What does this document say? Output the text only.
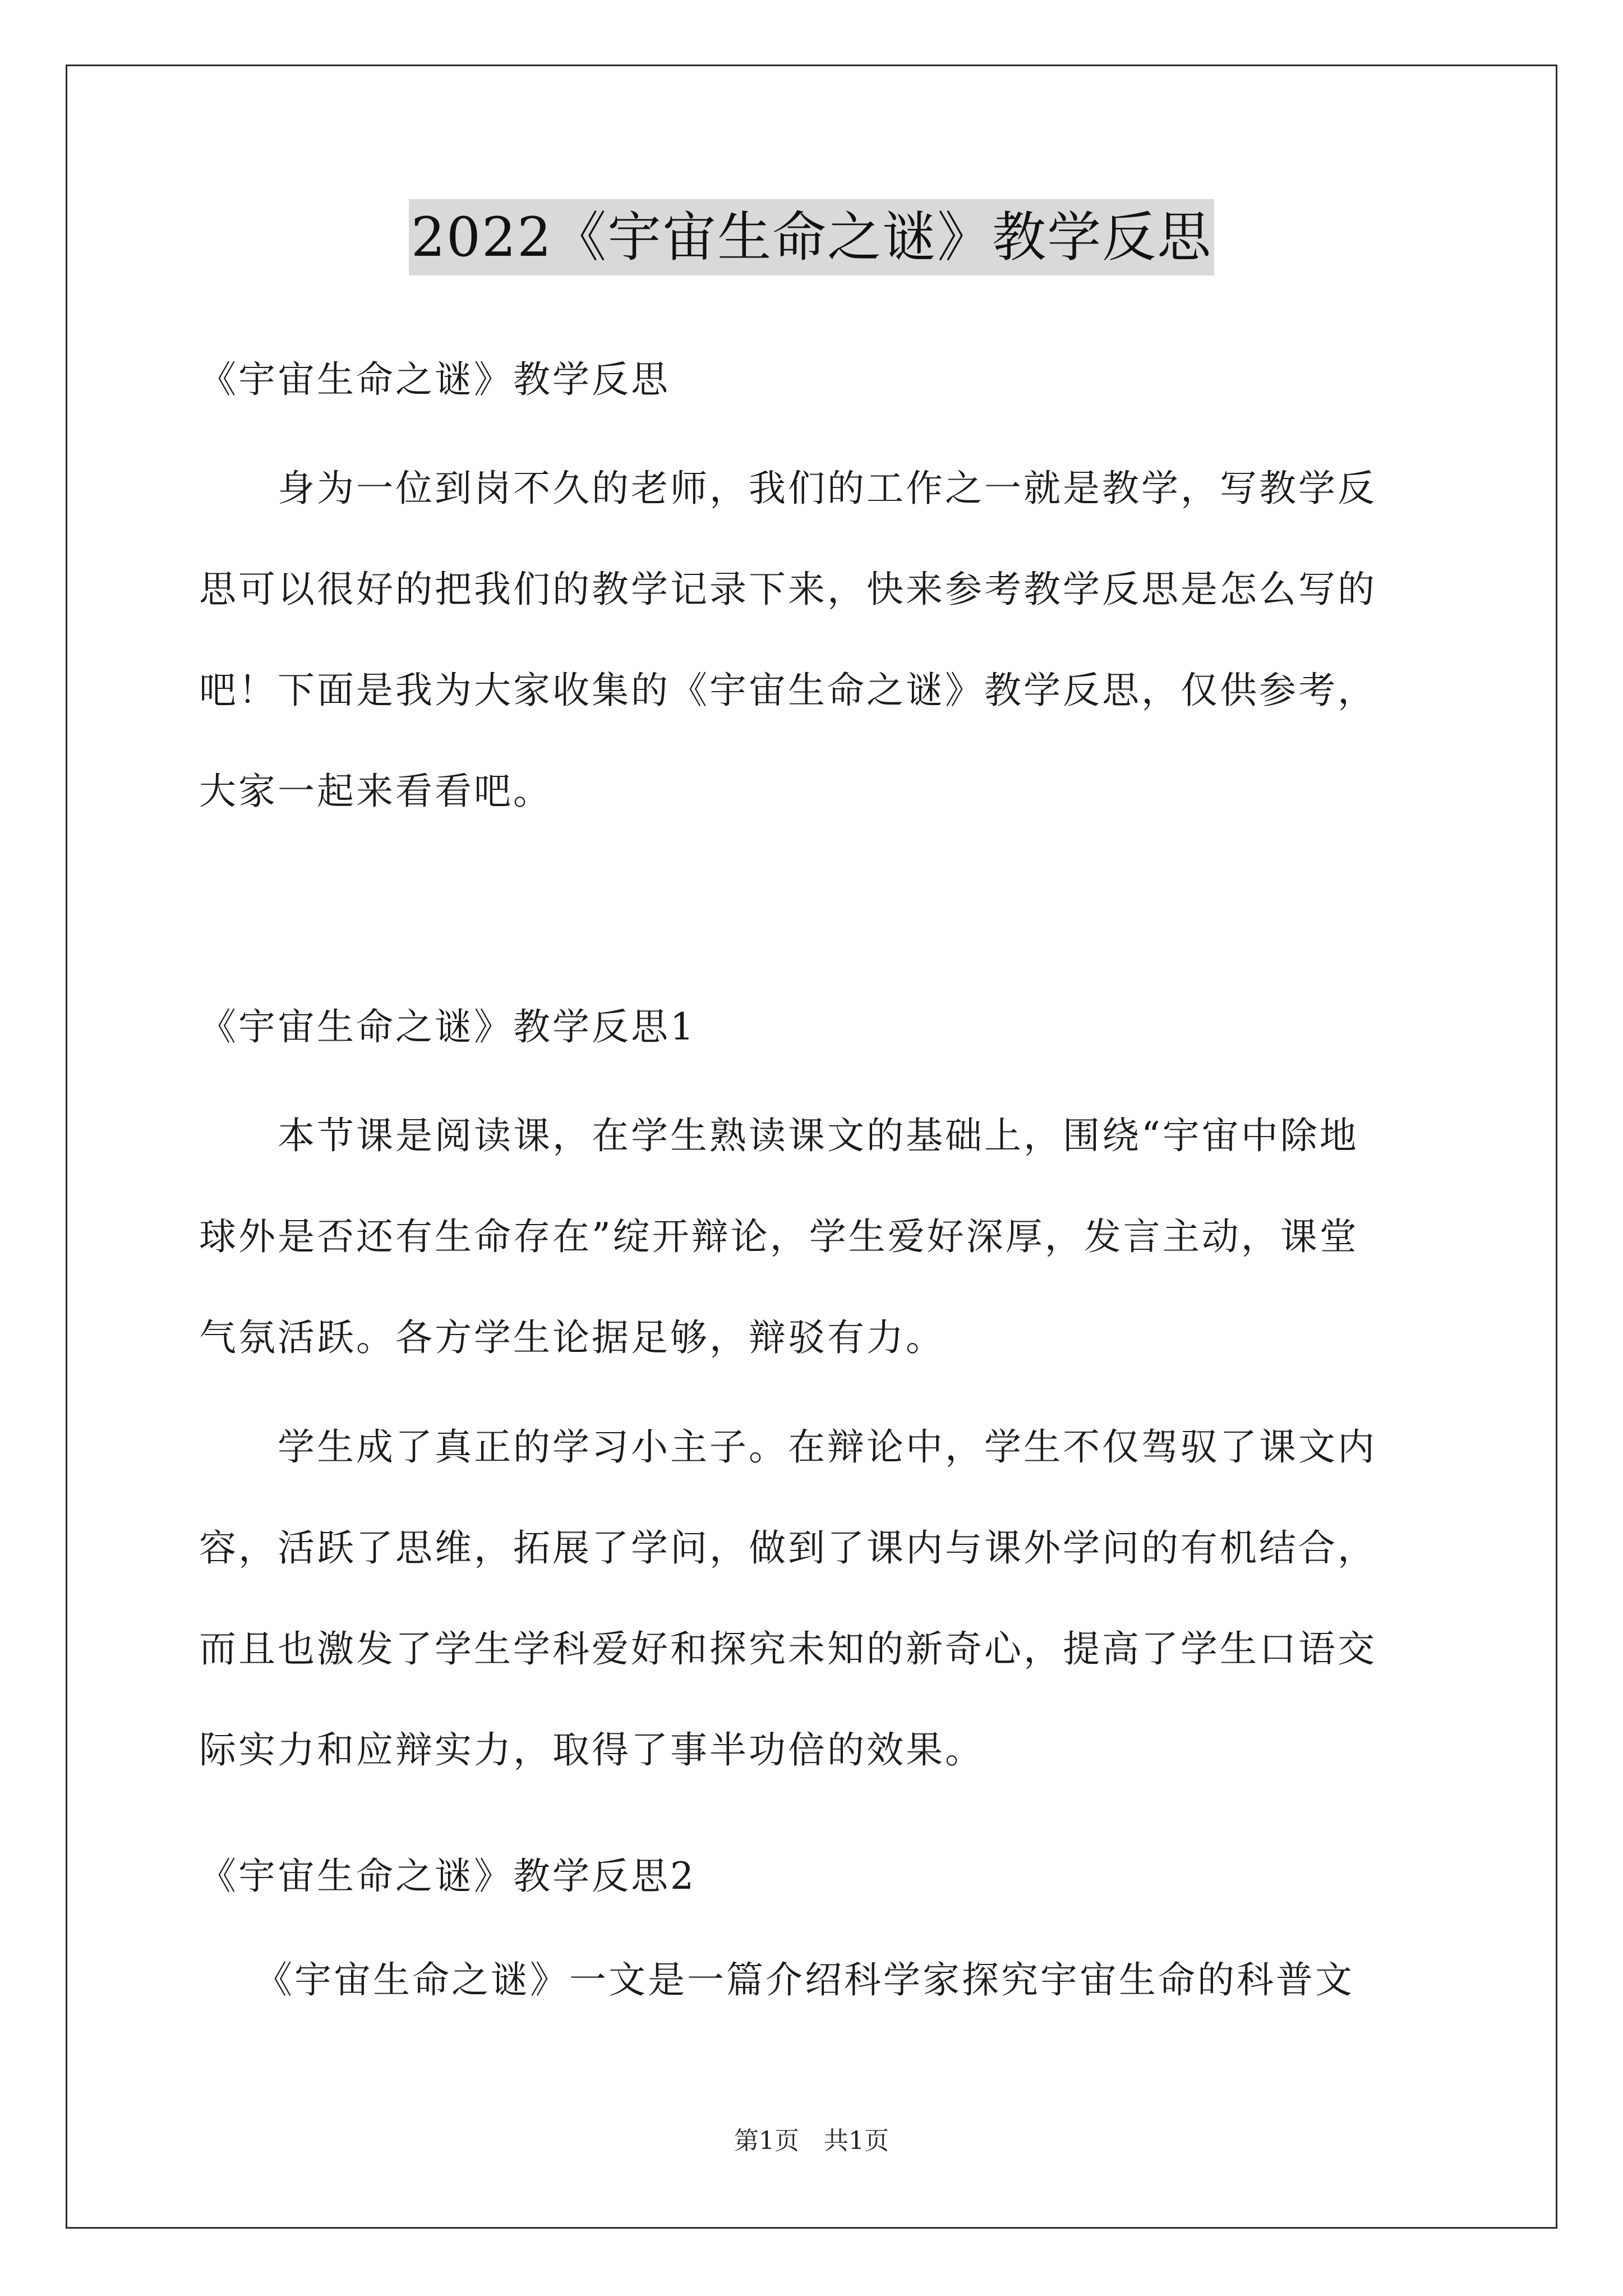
2022《宇宙生命之谜》教学反思
《宇宙生命之谜》教学反思
身为一位到岗不久的老师，我们的工作之一就是教学，写教学反
思可以很好的把我们的教学记录下来，快来参考教学反思是怎么写的
吧！下面是我为大家收集的《宇宙生命之谜》教学反思，仅供参考，
大家一起来看看吧。
《宇宙生命之谜》教学反思1
本节课是阅读课，在学生熟读课文的基础上，围绕“宇宙中除地
球外是否还有生命存在”绽开辩论，学生爱好深厚，发言主动，课堂
气氛活跃。各方学生论据足够，辩驳有力。
学生成了真正的学习小主子。在辩论中，学生不仅驾驭了课文内
容，活跃了思维，拓展了学问，做到了课内与课外学问的有机结合，
而且也激发了学生学科爱好和探究未知的新奇心，提高了学生口语交
际实力和应辩实力，取得了事半功倍的效果。
《宇宙生命之谜》教学反思2
《宇宙生命之谜》一文是一篇介绍科学家探究宇宙生命的科普文
第1页　共1页
